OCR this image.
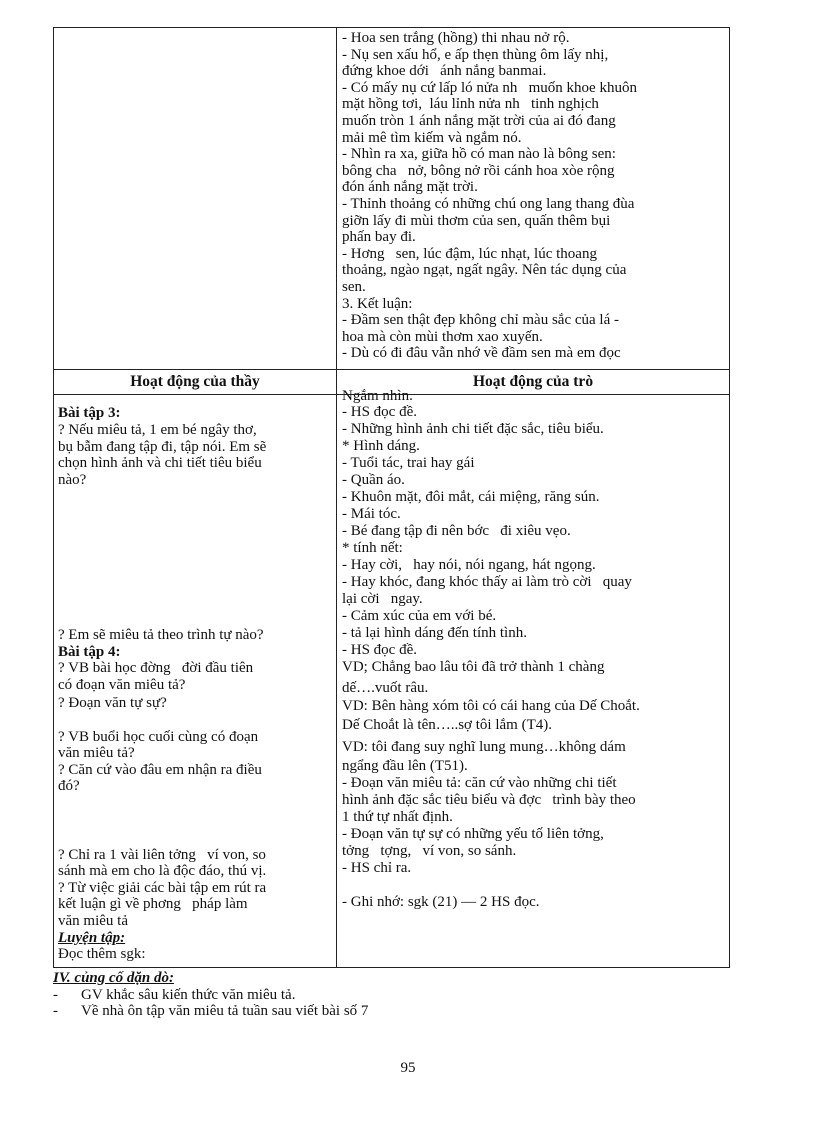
- Hoa sen trắng (hồng) thi nhau nở rộ.
- Nụ sen xấu hổ, e ấp thẹn thùng ôm lấy nhị,
đứng khoe dới   ánh nắng banmai.
- Có mấy nụ cứ lấp ló nửa nh   muốn khoe khuôn
mặt hồng tơi,  láu lỉnh nửa nh   tinh nghịch
muốn tròn 1 ánh nắng mặt trời của ai đó đang
mải mê tìm kiếm và ngắm nó.
- Nhìn ra xa, giữa hồ có man nào là bông sen:
bông cha   nở, bông nở rồi cánh hoa xòe rộng
đón ánh nắng mặt trời.
- Thỉnh thoảng có những chú ong lang thang đùa
giỡn lấy đi mùi thơm của sen, quấn thêm bụi
phấn bay đi.
- Hơng   sen, lúc đậm, lúc nhạt, lúc thoang
thoảng, ngào ngạt, ngất ngây. Nên tác dụng của
sen.
3. Kết luận:
- Đầm sen thật đẹp không chỉ màu sắc của lá -
hoa mà còn mùi thơm xao xuyến.
- Dù có đi đâu vẫn nhớ về đầm sen mà em đọc
Hoạt động của thầy	Hoạt động của trò
Bài tập 3:
? Nếu miêu tả, 1 em bé ngây thơ,
bụ bẫm đang tập đi, tập nói. Em sẽ
chọn hình ảnh và chi tiết tiêu biểu
nào?
? Em sẽ miêu tả theo trình tự nào?
Bài tập 4:
? VB bài học đờng   đời đầu tiên
có đoạn văn miêu tả?
? Đoạn văn tự sự?
? VB buổi học cuối cùng có đoạn
văn miêu tả?
? Căn cứ vào đâu em nhận ra điều
đó?
? Chỉ ra 1 vài liên tởng   ví von, so
sánh mà em cho là độc đáo, thú vị.
? Từ việc giải các bài tập em rút ra
kết luận gì về phơng   pháp làm
văn miêu tả
Luyện tập:
Đọc thêm sgk:
Ngắm nhìn.
- HS đọc đề.
- Những hình ảnh chi tiết đặc sắc, tiêu biểu.
* Hình dáng.
- Tuổi tác, trai hay gái
- Quần áo.
- Khuôn mặt, đôi mắt, cái miệng, răng sún.
- Mái tóc.
- Bé đang tập đi nên bớc   đi xiêu vẹo.
* tính nết:
- Hay cời,   hay nói, nói ngang, hát ngọng.
- Hay khóc, đang khóc thấy ai làm trò cời   quay
lại cời   ngay.
- Cảm xúc của em với bé.
- tả lại hình dáng đến tính tình.
- HS đọc đề.
VD; Chẳng bao lâu tôi đã trở thành 1 chàng
dế….vuốt râu.
VD: Bên hàng xóm tôi có cái hang của Dế Choắt.
Dế Choắt là tên…..sợ tôi lắm (T4).
VD: tôi đang suy nghĩ lung mung…không dám
ngẩng đầu lên (T51).
- Đoạn văn miêu tả: căn cứ vào những chi tiết
hình ảnh đặc sắc tiêu biểu và đợc   trình bày theo
1 thứ tự nhất định.
- Đoạn văn tự sự có những yếu tố liên tởng,
tởng   tợng,   ví von, so sánh.
- HS chỉ ra.
- Ghi nhớ: sgk (21) — 2 HS đọc.
IV. củng cố dặn dò:
- GV khắc sâu kiến thức văn miêu tả.
- Về nhà ôn tập văn miêu tả tuần sau viết bài số 7
95
